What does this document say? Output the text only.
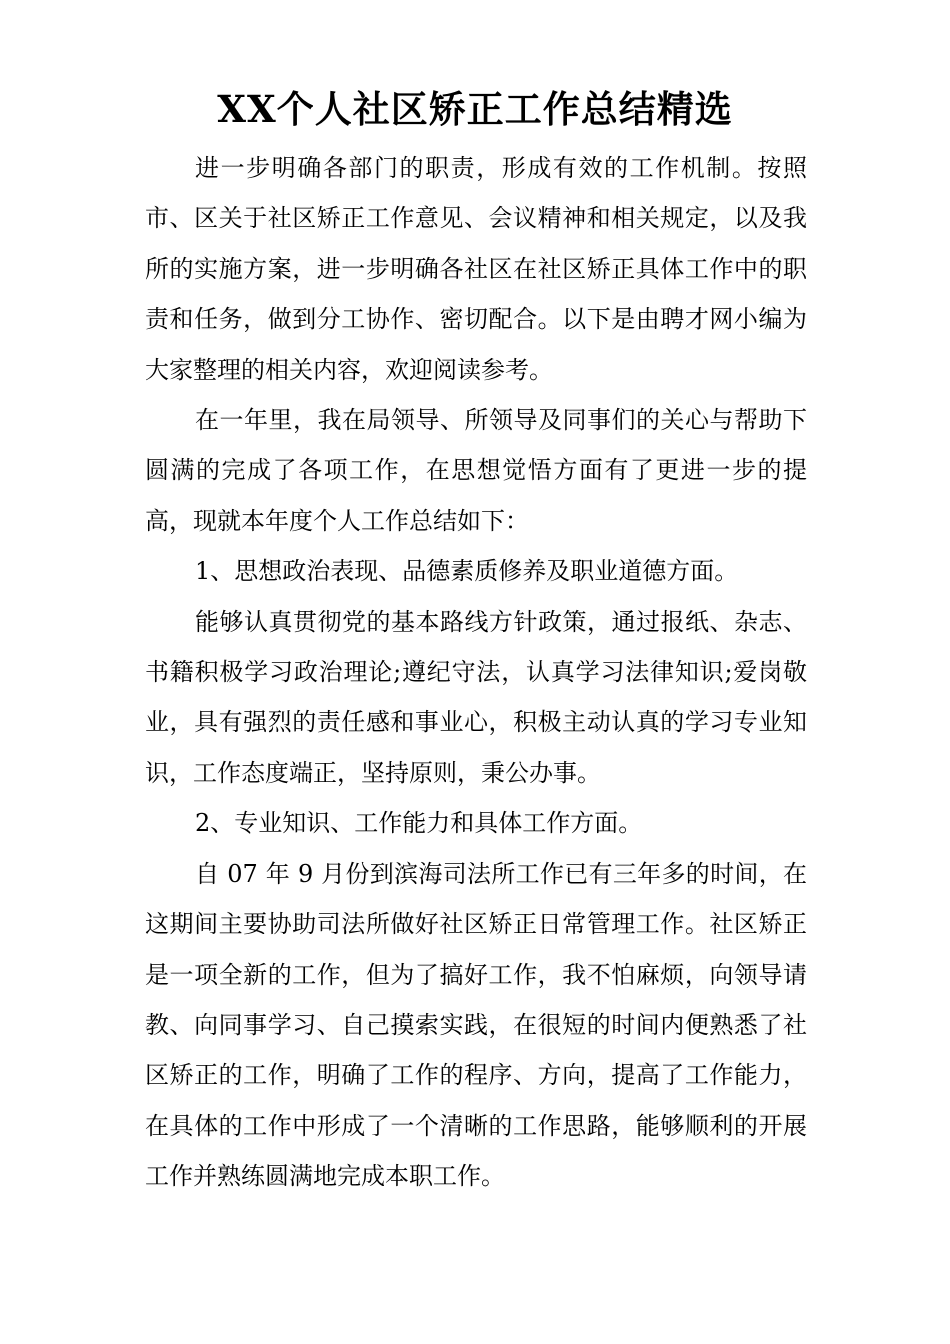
XX个人社区矫正工作总结精选

进一步明确各部门的职责，形成有效的工作机制。按照市、区关于社区矫正工作意见、会议精神和相关规定，以及我所的实施方案，进一步明确各社区在社区矫正具体工作中的职责和任务，做到分工协作、密切配合。以下是由聘才网小编为大家整理的相关内容，欢迎阅读参考。

在一年里，我在局领导、所领导及同事们的关心与帮助下圆满的完成了各项工作，在思想觉悟方面有了更进一步的提高，现就本年度个人工作总结如下：

1、思想政治表现、品德素质修养及职业道德方面。

能够认真贯彻党的基本路线方针政策，通过报纸、杂志、书籍积极学习政治理论;遵纪守法，认真学习法律知识;爱岗敬业，具有强烈的责任感和事业心，积极主动认真的学习专业知识，工作态度端正，坚持原则，秉公办事。

2、专业知识、工作能力和具体工作方面。

自 07 年 9 月份到滨海司法所工作已有三年多的时间，在这期间主要协助司法所做好社区矫正日常管理工作。社区矫正是一项全新的工作，但为了搞好工作，我不怕麻烦，向领导请教、向同事学习、自己摸索实践，在很短的时间内便熟悉了社区矫正的工作，明确了工作的程序、方向，提高了工作能力，在具体的工作中形成了一个清晰的工作思路，能够顺利的开展工作并熟练圆满地完成本职工作。
